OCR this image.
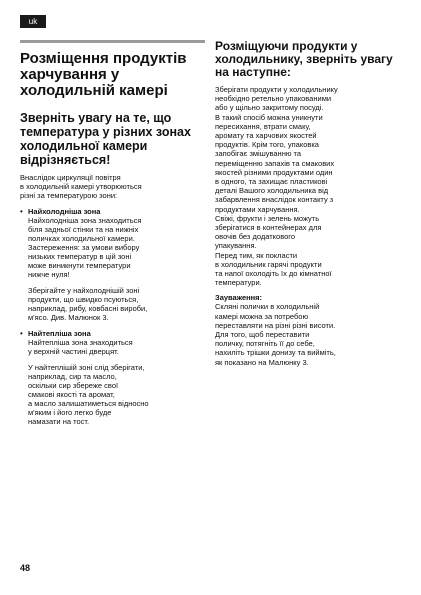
uk
Розміщення продуктів харчування у холодильній камері
Зверніть увагу на те, що температура у різних зонах холодильної камери відрізняється!
Внаслідок циркуляції повітря
в холодильній камері утворюються
різні за температурою зони:
• Найхолодніша зона
Найхолодніша зона знаходиться
біля задньої стінки та на нижніх
поличках холодильної камери.
Застереження: за умови вибору
низьких температур в цій зоні
може виникнути температури
нижче нуля!
Зберігайте у найхолоднішій зоні
продукти, що швидко псуються,
наприклад, рибу, ковбасні вироби,
м'ясо. Див. Малюнок 3.
• Найтепліша зона
Найтепліша зона знаходиться
у верхній частині дверцят.
У найтеплішій зоні слід зберігати,
наприклад, сир та масло,
оскільки сир збереже свої
смакові якості та аромат,
а масло залишатиметься відносно
м'яким і його легко буде
намазати на тост.
Розміщуючи продукти у холодильнику, зверніть увагу на наступне:
Зберігати продукти у холодильнику
необхідно ретельно упакованими
або у щільно закритому посуді.
В такий спосіб можна уникнути
пересихання, втрати смаку,
аромату та харчових якостей
продуктів. Крім того, упаковка
запобігає змішуванню та
переміщенню запахів та смакових
якостей різними продуктами один
в одного, та захищає пластикові
деталі Вашого холодильника від
забарвлення внаслідок контакту з
продуктами харчування.
Свіжі, фрукти і зелень можуть
зберігатися в контейнерах для
овочів без додаткового
упакування.
Перед тим, як покласти
в холодильник гарячі продукти
та напої охолодіть їх до кімнатної
температури.
Зауваження:
Скляні полички в холодильній
камері можна за потребою
переставляти на різні різні висоти.
Для того, щоб переставити
поличку, потягніть її до себе,
нахиліть трішки донизу та вийміть,
як показано на Малюнку 3.
48
